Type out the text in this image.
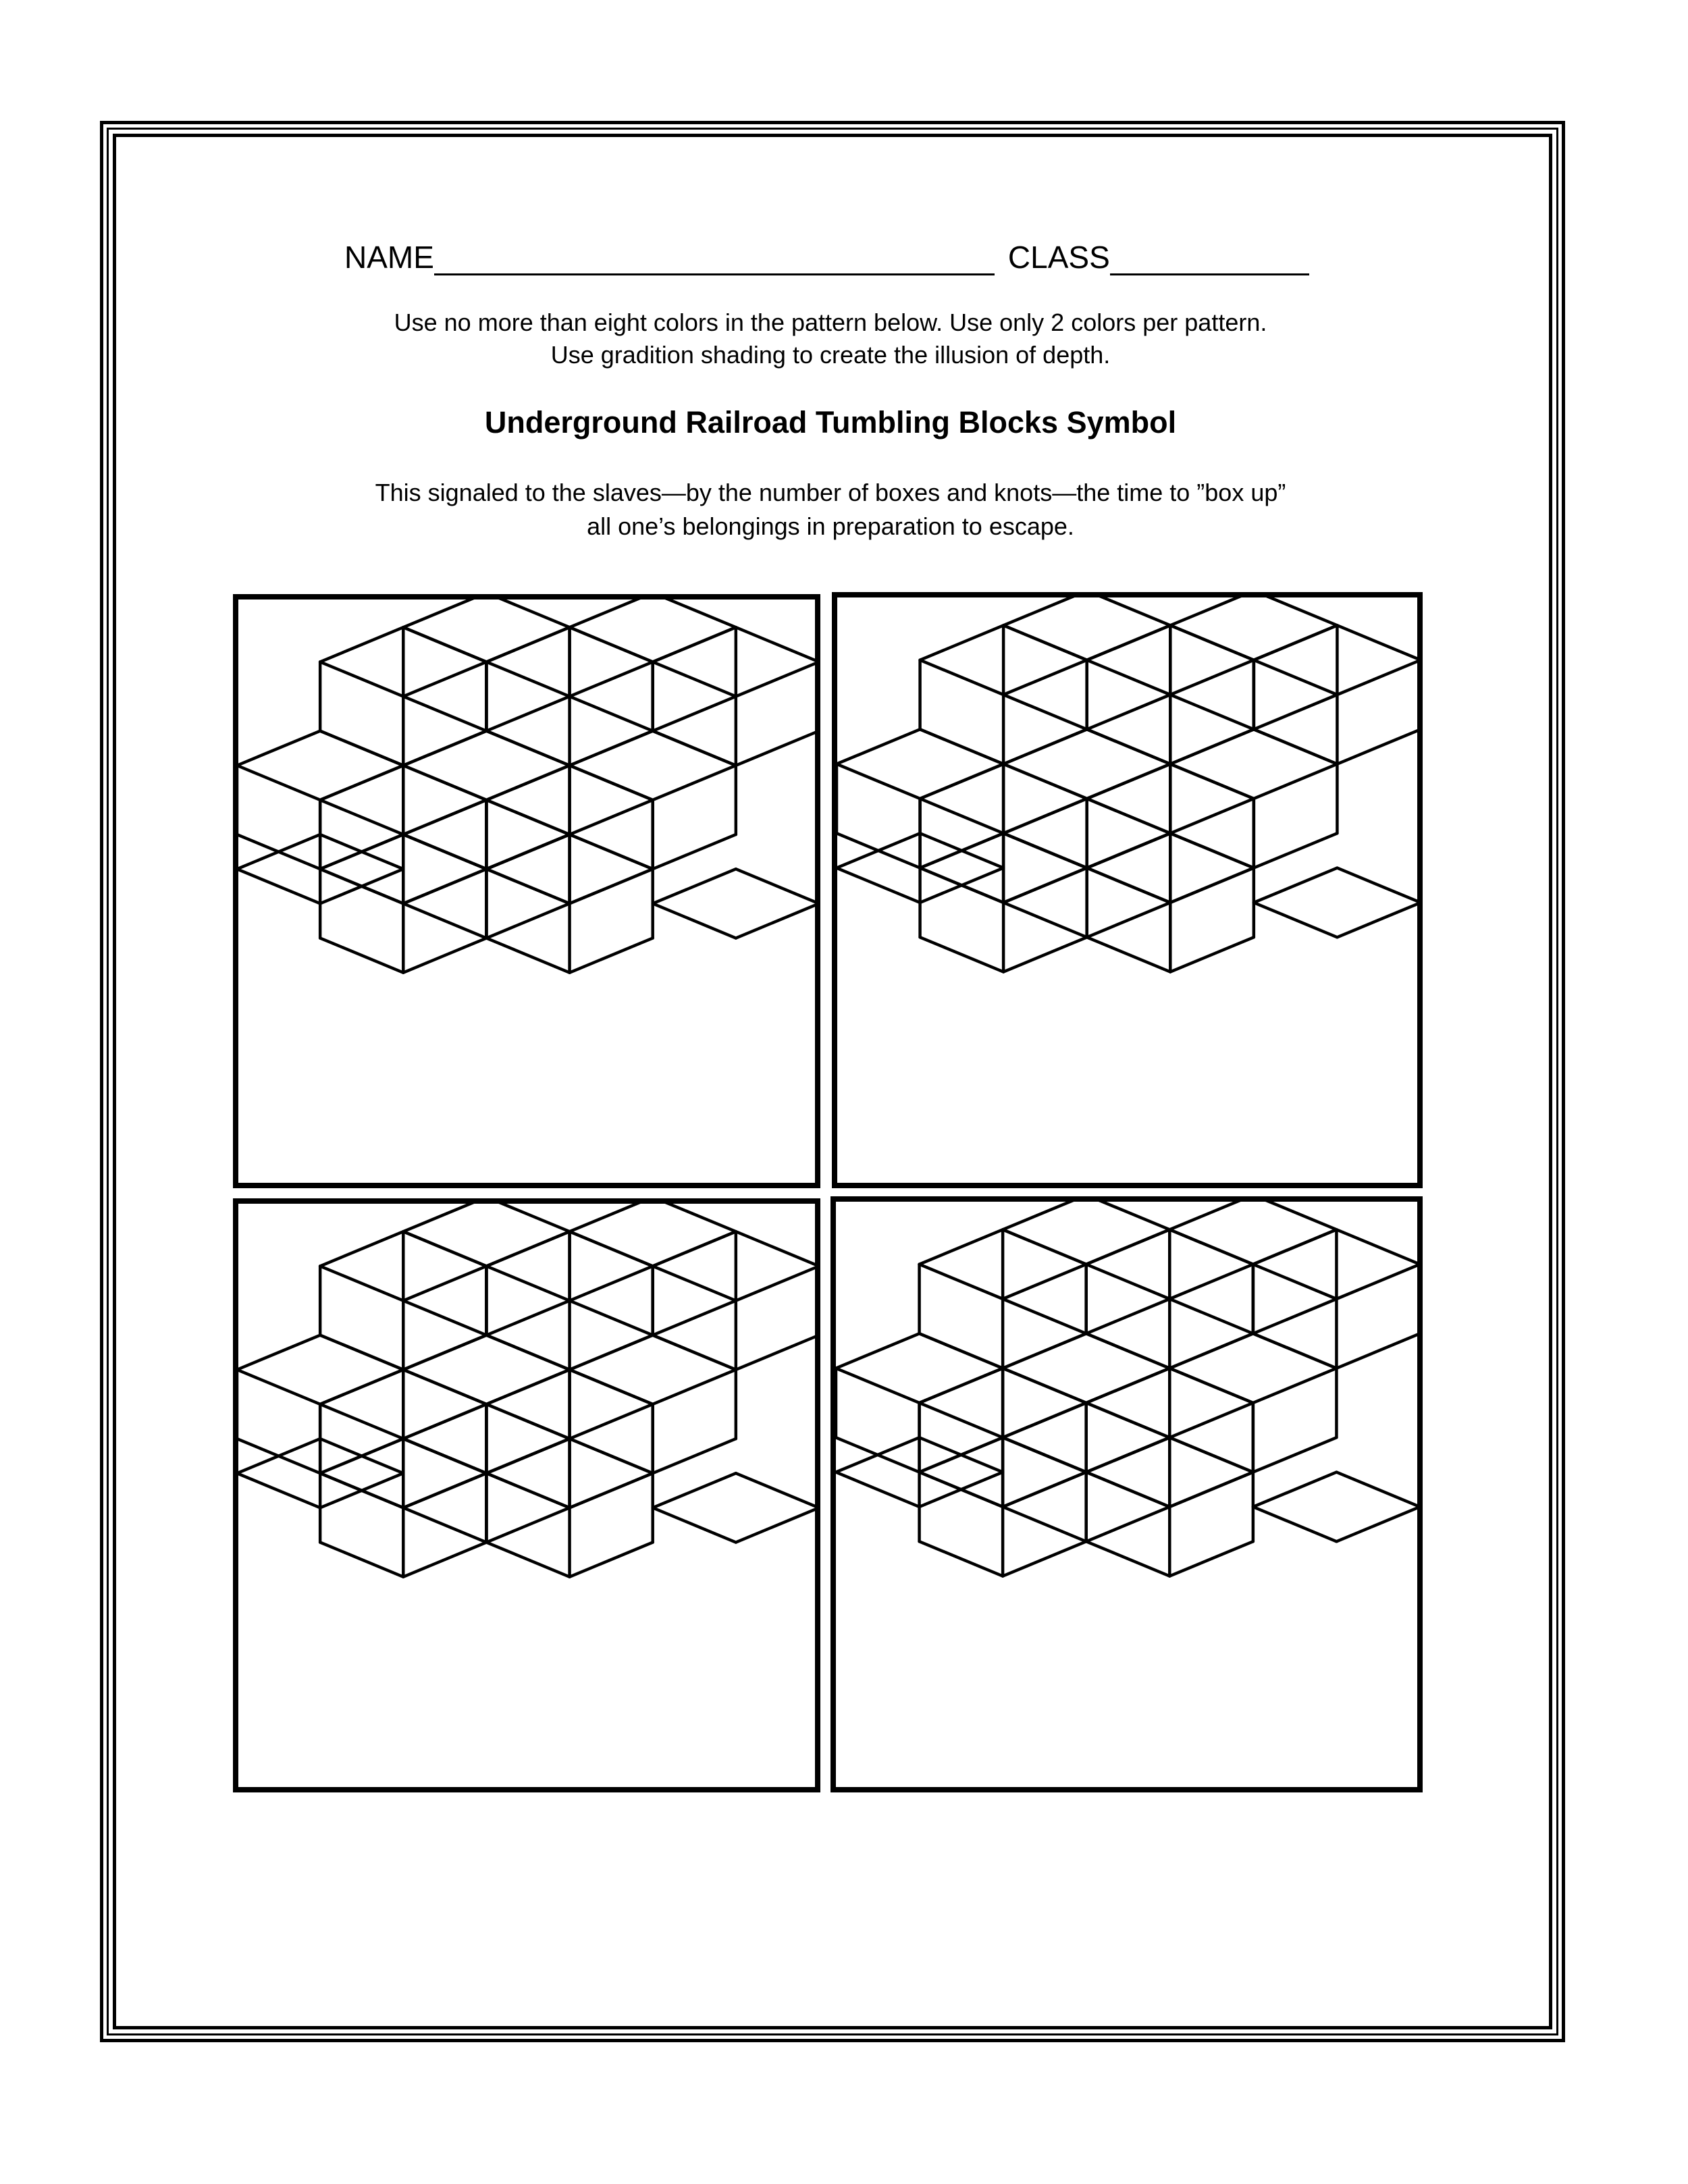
NAME	CLASS
Use no more than eight colors in the pattern below. Use only 2 colors per pattern.
Use gradition shading to create the illusion of depth.
Underground Railroad Tumbling Blocks Symbol
This signaled to the slaves—by the number of boxes and knots—the time to ”box up”
all one’s belongings in preparation to escape.
